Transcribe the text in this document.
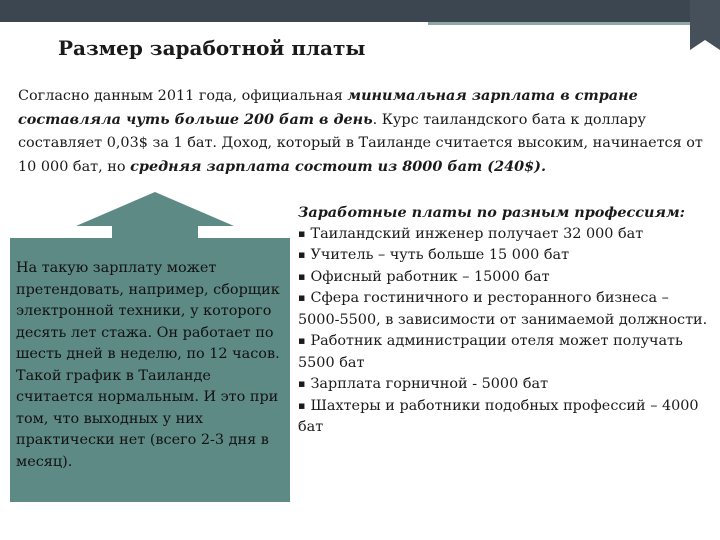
Размер заработной платы

Согласно данным 2011 года, официальная минимальная зарплата в стране составляла чуть больше 200 бат в день. Курс таиландского бата к доллару составляет 0,03$ за 1 бат. Доход, который в Таиланде считается высоким, начинается от 10 000 бат, но средняя зарплата состоит из 8000 бат (240$).

На такую зарплату может претендовать, например, сборщик электронной техники, у которого десять лет стажа. Он работает по шесть дней в неделю, по 12 часов. Такой график в Таиланде считается нормальным. И это при том, что выходных у них практически нет (всего 2-3 дня в месяц).

Заработные платы по разным профессиям:

▪ Таиландский инженер получает 32 000 бат
▪ Учитель – чуть больше 15 000 бат
▪ Офисный работник – 15000 бат
▪ Сфера гостиничного и ресторанного бизнеса – 5000-5500, в зависимости от занимаемой должности.
▪ Работник администрации отеля может получать 5500 бат
▪ Зарплата горничной - 5000 бат
▪ Шахтеры и работники подобных профессий – 4000 бат
